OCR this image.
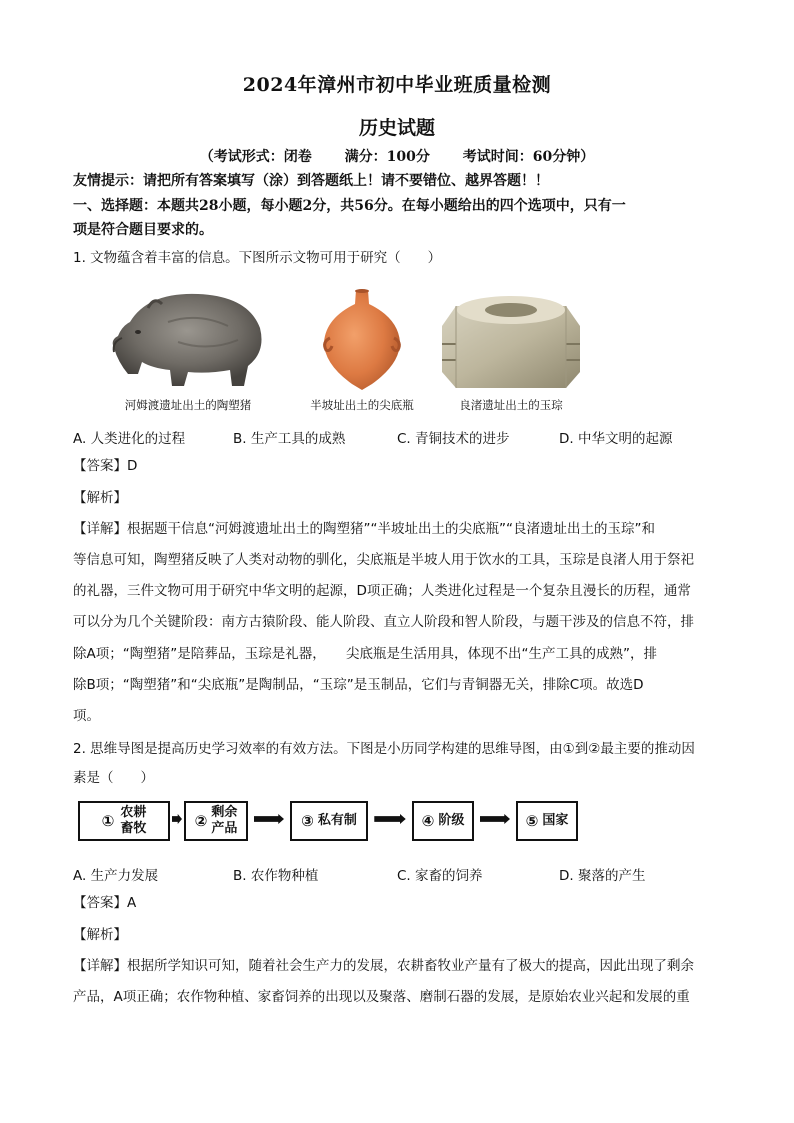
2024年漳州市初中毕业班质量检测
历史试题
（考试形式：闭卷 满分：100分 考试时间：60分钟）
友情提示：请把所有答案填写（涂）到答题纸上！请不要错位、越界答题！！
一、选择题：本题共28小题，每小题2分，共56分。在每小题给出的四个选项中，只有一
项是符合题目要求的。
1. 文物蕴含着丰富的信息。下图所示文物可用于研究（　　）
河姆渡遗址出土的陶塑猪	半坡址出土的尖底瓶	良渚遗址出土的玉琮
A. 人类进化的过程	B. 生产工具的成熟	C. 青铜技术的进步	D. 中华文明的起源
【答案】D
【解析】
【详解】根据题干信息“河姆渡遗址出土的陶塑猪”“半坡址出土的尖底瓶”“良渚遗址出土的玉琮”和
等信息可知，陶塑猪反映了人类对动物的驯化，尖底瓶是半坡人用于饮水的工具，玉琮是良渚人用于祭祀
的礼器，三件文物可用于研究中华文明的起源，D项正确；人类进化过程是一个复杂且漫长的历程，通常
可以分为几个关键阶段：南方古猿阶段、能人阶段、直立人阶段和智人阶段，与题干涉及的信息不符，排
除A项；“陶塑猪”是陪葬品，玉琮是礼器，　　尖底瓶是生活用具，体现不出“生产工具的成熟”，排
除B项；“陶塑猪”和“尖底瓶”是陶制品，“玉琮”是玉制品，它们与青铜器无关，排除C项。故选D
项。
2. 思维导图是提高历史学习效率的有效方法。下图是小历同学构建的思维导图，由①到②最主要的推动因
素是（　　）
① 农耕
畜牧	② 剩余
产品	③ 私有制	④ 阶级	⑤ 国家
A. 生产力发展	B. 农作物种植	C. 家畜的饲养	D. 聚落的产生
【答案】A
【解析】
【详解】根据所学知识可知，随着社会生产力的发展，农耕畜牧业产量有了极大的提高，因此出现了剩余
产品，A项正确；农作物种植、家畜饲养的出现以及聚落、磨制石器的发展，是原始农业兴起和发展的重
